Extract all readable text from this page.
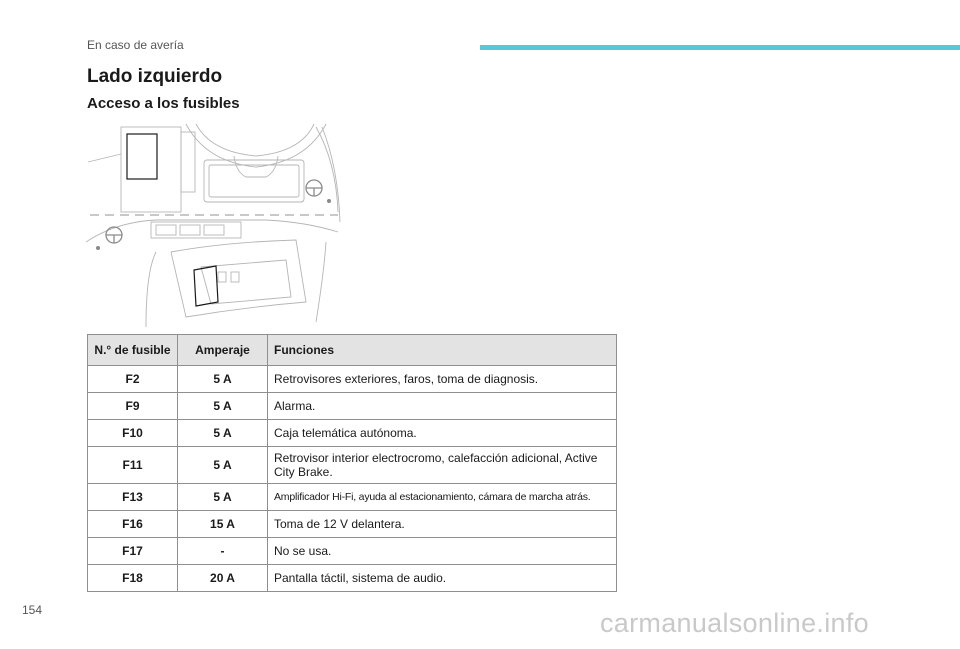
En caso de avería
Lado izquierdo
Acceso a los fusibles
N.° de fusible	Amperaje	Funciones
F2	5 A	Retrovisores exteriores, faros, toma de diagnosis.
F9	5 A	Alarma.
F10	5 A	Caja telemática autónoma.
F11	5 A	Retrovisor interior electrocromo, calefacción adicional, Active City Brake.
F13	5 A	Amplificador Hi-Fi, ayuda al estacionamiento, cámara de marcha atrás.
F16	15 A	Toma de 12 V delantera.
F17	-	No se usa.
F18	20 A	Pantalla táctil, sistema de audio.
154	carmanualsonline.info
